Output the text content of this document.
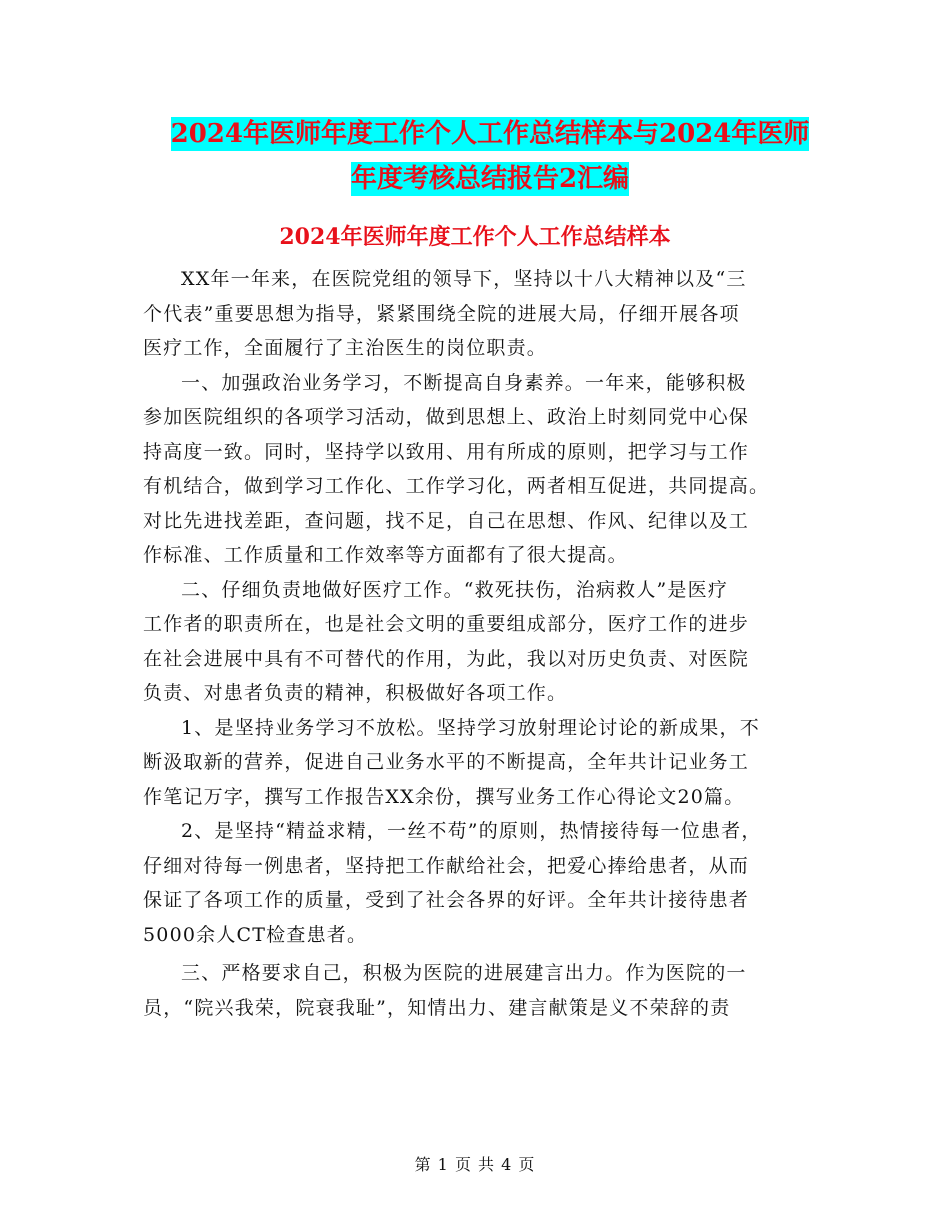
2024年医师年度工作个人工作总结样本与2024年医师
年度考核总结报告2汇编
2024年医师年度工作个人工作总结样本

XX年一年来，在医院党组的领导下，坚持以十八大精神以及“三

个代表”重要思想为指导，紧紧围绕全院的进展大局，仔细开展各项

医疗工作，全面履行了主治医生的岗位职责。

一、加强政治业务学习，不断提高自身素养。一年来，能够积极

参加医院组织的各项学习活动，做到思想上、政治上时刻同党中心保

持高度一致。同时，坚持学以致用、用有所成的原则，把学习与工作

有机结合，做到学习工作化、工作学习化，两者相互促进，共同提高。

对比先进找差距，查问题，找不足，自己在思想、作风、纪律以及工

作标准、工作质量和工作效率等方面都有了很大提高。

二、仔细负责地做好医疗工作。“救死扶伤，治病救人”是医疗

工作者的职责所在，也是社会文明的重要组成部分，医疗工作的进步

在社会进展中具有不可替代的作用，为此，我以对历史负责、对医院

负责、对患者负责的精神，积极做好各项工作。

1、是坚持业务学习不放松。坚持学习放射理论讨论的新成果，不

断汲取新的营养，促进自己业务水平的不断提高，全年共计记业务工

作笔记万字，撰写工作报告XX余份，撰写业务工作心得论文20篇。

2、是坚持“精益求精，一丝不苟”的原则，热情接待每一位患者，

仔细对待每一例患者，坚持把工作献给社会，把爱心捧给患者，从而

保证了各项工作的质量，受到了社会各界的好评。全年共计接待患者

5000余人CT检查患者。

三、严格要求自己，积极为医院的进展建言出力。作为医院的一

员，“院兴我荣，院衰我耻”，知情出力、建言献策是义不荣辞的责

第 1 页 共 4 页
